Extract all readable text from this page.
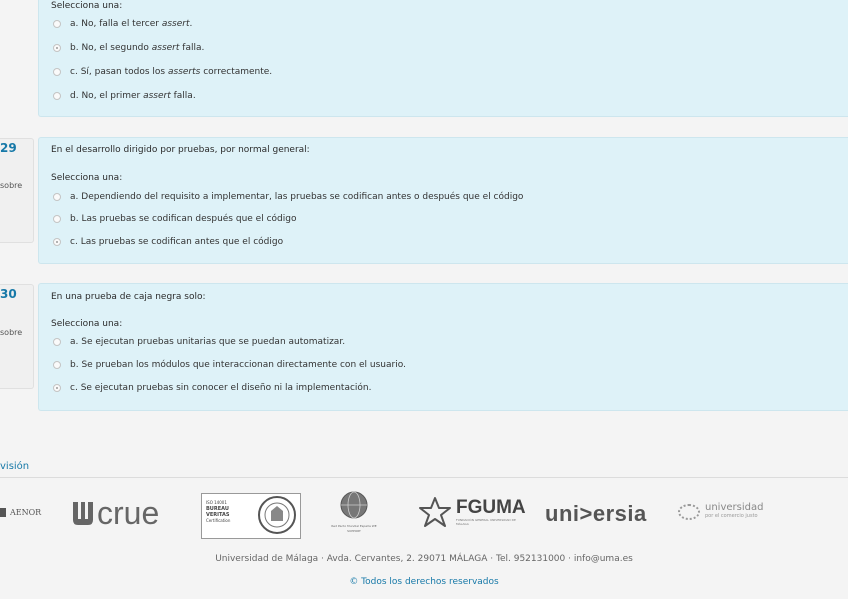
Selecciona una:
a. No, falla el tercer assert.
b. No, el segundo assert falla.
c. Sí, pasan todos los asserts correctamente.
d. No, el primer assert falla.
29
sobre
En el desarrollo dirigido por pruebas, por normal general:
Selecciona una:
a. Dependiendo del requisito a implementar, las pruebas se codifican antes o después que el código
b. Las pruebas se codifican después que el código
c. Las pruebas se codifican antes que el código
30
sobre
En una prueba de caja negra solo:
Selecciona una:
a. Se ejecutan pruebas unitarias que se puedan automatizar.
b. Se prueban los módulos que interaccionan directamente con el usuario.
c. Se ejecutan pruebas sin conocer el diseño ni la implementación.
visión
AENOR crue	ISO 14001
BUREAU VERITAS
Certification
Red Pacto Mundial España WE SUPPORT
FGUMA
FUNDACIÓN GENERAL UNIVERSIDAD DE MÁLAGA	uni>ersia	universidad
por el comercio justo
Universidad de Málaga · Avda. Cervantes, 2. 29071 MÁLAGA · Tel. 952131000 · info@uma.es
© Todos los derechos reservados
